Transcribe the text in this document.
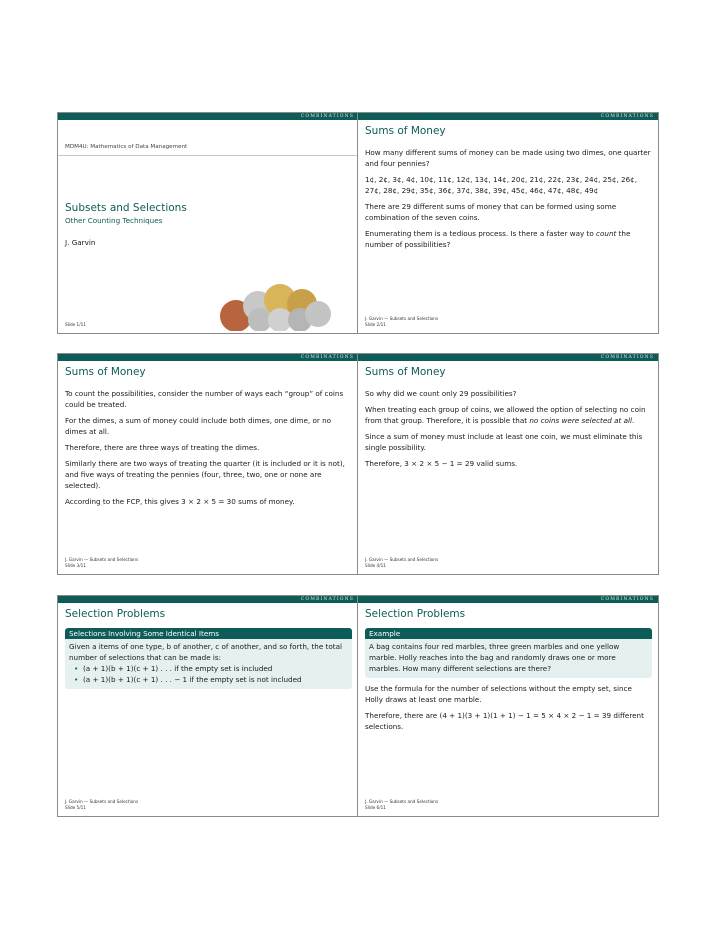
COMBINATIONS
MDM4U: Mathematics of Data Management
Subsets and Selections
Other Counting Techniques
J. Garvin
Slide 1/11
COMBINATIONS
Sums of Money

How many different sums of money can be made using two dimes, one quarter and four pennies?

1¢, 2¢, 3¢, 4¢, 10¢, 11¢, 12¢, 13¢, 14¢, 20¢, 21¢, 22¢, 23¢, 24¢, 25¢, 26¢, 27¢, 28¢, 29¢, 35¢, 36¢, 37¢, 38¢, 39¢, 45¢, 46¢, 47¢, 48¢, 49¢

There are 29 different sums of money that can be formed using some combination of the seven coins.

Enumerating them is a tedious process. Is there a faster way to count the number of possibilities?

J. Garvin — Subsets and Selections
Slide 2/11
COMBINATIONS
Sums of Money

To count the possibilities, consider the number of ways each “group” of coins could be treated.

For the dimes, a sum of money could include both dimes, one dime, or no dimes at all.

Therefore, there are three ways of treating the dimes.

Similarly there are two ways of treating the quarter (it is included or it is not), and five ways of treating the pennies (four, three, two, one or none are selected).

According to the FCP, this gives 3 × 2 × 5 = 30 sums of money.

J. Garvin — Subsets and Selections
Slide 3/11
COMBINATIONS
Sums of Money

So why did we count only 29 possibilities?

When treating each group of coins, we allowed the option of selecting no coin from that group. Therefore, it is possible that no coins were selected at all.

Since a sum of money must include at least one coin, we must eliminate this single possibility.

Therefore, 3 × 2 × 5 − 1 = 29 valid sums.

J. Garvin — Subsets and Selections
Slide 4/11
COMBINATIONS
Selection Problems
Selections Involving Some Identical Items
Given a items of one type, b of another, c of another, and so forth, the total number of selections that can be made is:
• (a + 1)(b + 1)(c + 1) . . . if the empty set is included
• (a + 1)(b + 1)(c + 1) . . . − 1 if the empty set is not included
J. Garvin — Subsets and Selections
Slide 5/11
COMBINATIONS
Selection Problems
Example
A bag contains four red marbles, three green marbles and one yellow marble. Holly reaches into the bag and randomly draws one or more marbles. How many different selections are there?

Use the formula for the number of selections without the empty set, since Holly draws at least one marble.

Therefore, there are (4 + 1)(3 + 1)(1 + 1) − 1 = 5 × 4 × 2 − 1 = 39 different selections.

J. Garvin — Subsets and Selections
Slide 6/11
